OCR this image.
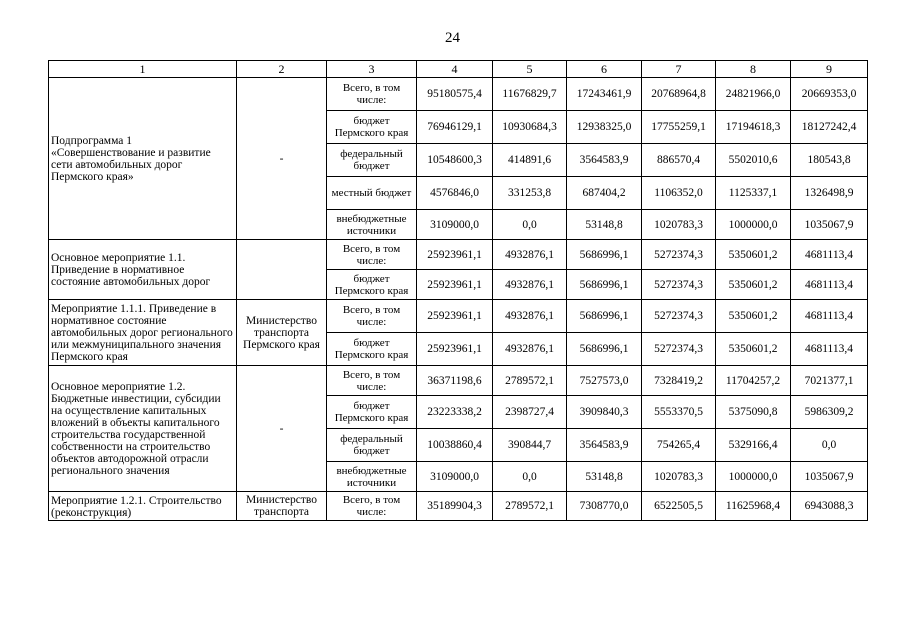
24
1	2	3	4	5	6	7	8	9
Подпрограмма 1 «Совершенствование и развитие сети автомобильных дорог Пермского края»	-	Всего, в том числе:	95180575,4	11676829,7	17243461,9	20768964,8	24821966,0	20669353,0
		бюджет Пермского края	76946129,1	10930684,3	12938325,0	17755259,1	17194618,3	18127242,4
		федеральный бюджет	10548600,3	414891,6	3564583,9	886570,4	5502010,6	180543,8
		местный бюджет	4576846,0	331253,8	687404,2	1106352,0	1125337,1	1326498,9
		внебюджетные источники	3109000,0	0,0	53148,8	1020783,3	1000000,0	1035067,9
Основное мероприятие 1.1. Приведение в нормативное состояние автомобильных дорог		Всего, в том числе:	25923961,1	4932876,1	5686996,1	5272374,3	5350601,2	4681113,4
		бюджет Пермского края	25923961,1	4932876,1	5686996,1	5272374,3	5350601,2	4681113,4
Мероприятие 1.1.1. Приведение в нормативное состояние автомобильных дорог регионального или межмуниципального значения Пермского края	Министерство транспорта Пермского края	Всего, в том числе:	25923961,1	4932876,1	5686996,1	5272374,3	5350601,2	4681113,4
		бюджет Пермского края	25923961,1	4932876,1	5686996,1	5272374,3	5350601,2	4681113,4
Основное мероприятие 1.2. Бюджетные инвестиции, субсидии на осуществление капитальных вложений в объекты капитального строительства государственной собственности на строительство объектов автодорожной отрасли регионального значения	-	Всего, в том числе:	36371198,6	2789572,1	7527573,0	7328419,2	11704257,2	7021377,1
		бюджет Пермского края	23223338,2	2398727,4	3909840,3	5553370,5	5375090,8	5986309,2
		федеральный бюджет	10038860,4	390844,7	3564583,9	754265,4	5329166,4	0,0
		внебюджетные источники	3109000,0	0,0	53148,8	1020783,3	1000000,0	1035067,9
Мероприятие 1.2.1. Строительство (реконструкция)	Министерство транспорта	Всего, в том числе:	35189904,3	2789572,1	7308770,0	6522505,5	11625968,4	6943088,3
